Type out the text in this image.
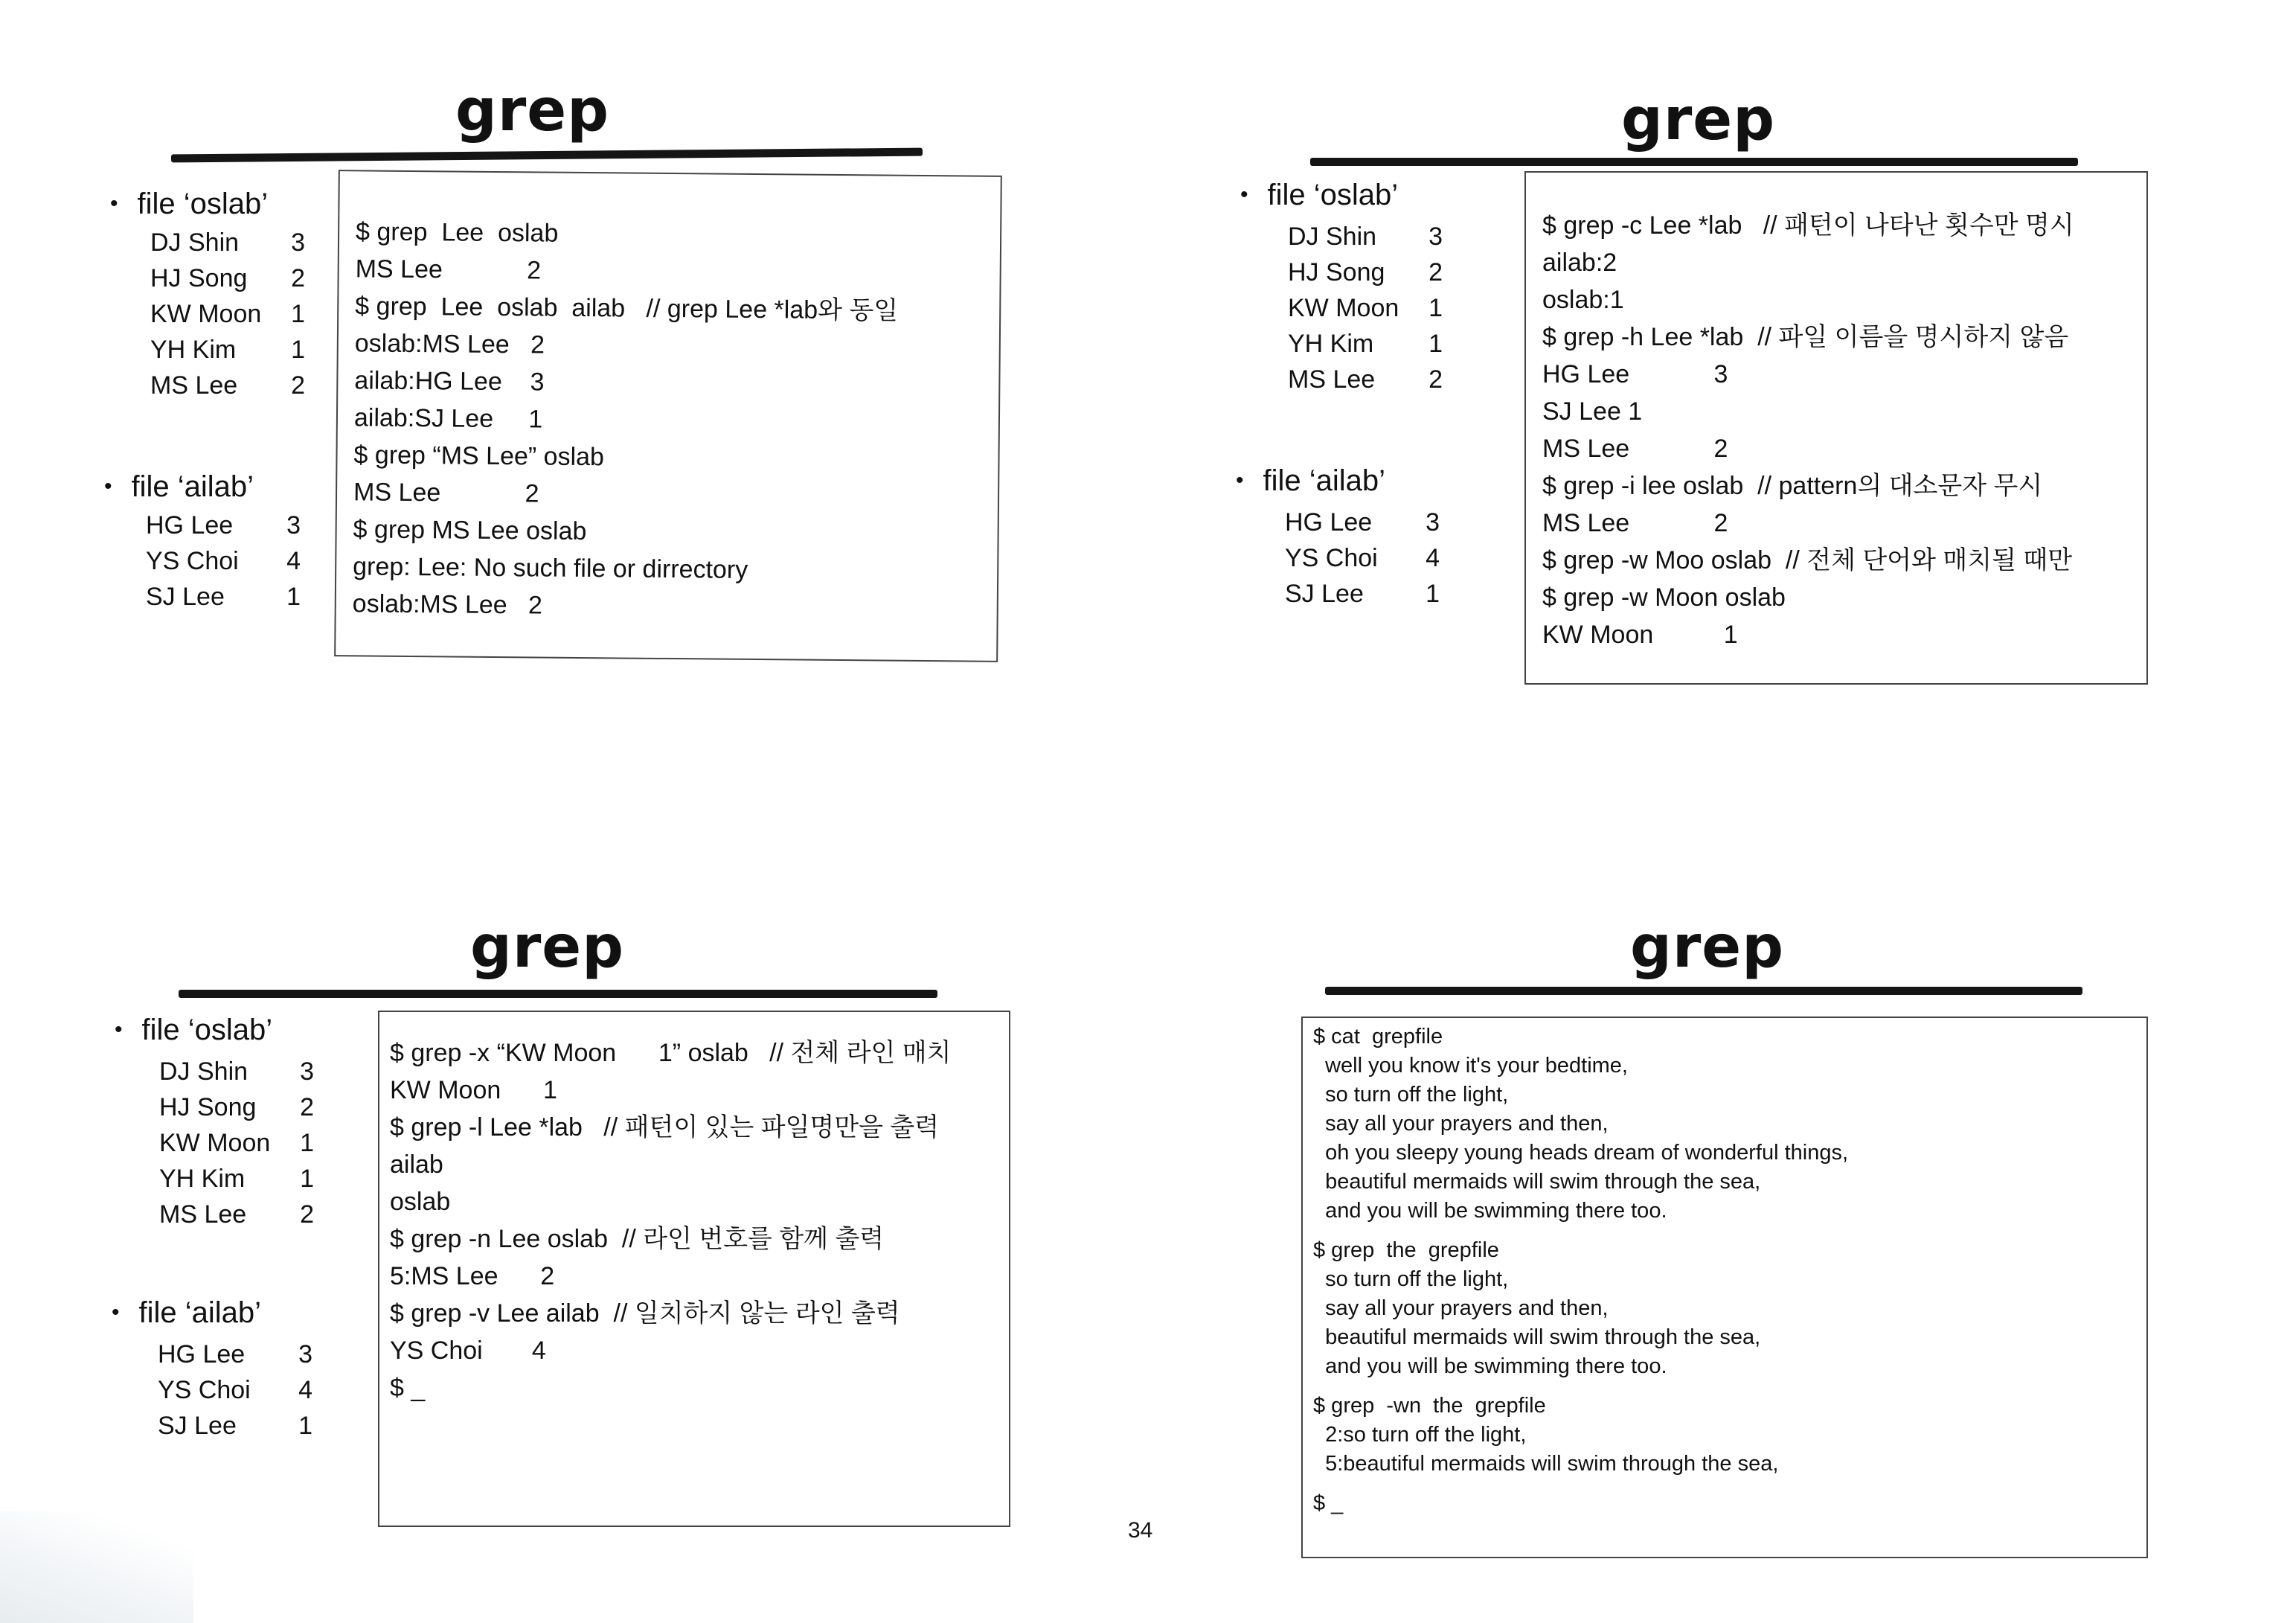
grep

• file ‘oslab’

DJ Shin	3
HJ Song	2
KW Moon	1
YH Kim	1
MS Lee	2

• file ‘ailab’

HG Lee	3
YS Choi	4
SJ Lee	1
$ grep  Lee  oslab
MS Lee            2
$ grep  Lee  oslab  ailab   // grep Lee *lab와 동일
oslab:MS Lee   2
ailab:HG Lee    3
ailab:SJ Lee     1
$ grep “MS Lee” oslab
MS Lee            2
$ grep MS Lee oslab
grep: Lee: No such file or dirrectory
oslab:MS Lee   2
grep

• file ‘oslab’

DJ Shin	3
HJ Song	2
KW Moon	1
YH Kim	1
MS Lee	2

• file ‘ailab’

HG Lee	3
YS Choi	4
SJ Lee	1
$ grep -c Lee *lab   // 패턴이 나타난 횟수만 명시
ailab:2
oslab:1
$ grep -h Lee *lab  // 파일 이름을 명시하지 않음
HG Lee            3
SJ Lee 1
MS Lee            2
$ grep -i lee oslab  // pattern의 대소문자 무시
MS Lee            2
$ grep -w Moo oslab  // 전체 단어와 매치될 때만
$ grep -w Moon oslab
KW Moon          1
grep

• file ‘oslab’

DJ Shin	3
HJ Song	2
KW Moon	1
YH Kim	1
MS Lee	2

• file ‘ailab’

HG Lee	3
YS Choi	4
SJ Lee	1
$ grep -x “KW Moon      1” oslab   // 전체 라인 매치
KW Moon      1
$ grep -l Lee *lab   // 패턴이 있는 파일명만을 출력
ailab
oslab
$ grep -n Lee oslab  // 라인 번호를 함께 출력
5:MS Lee      2
$ grep -v Lee ailab  // 일치하지 않는 라인 출력
YS Choi       4
$ _
grep
$ cat  grepfile
well you know it's your bedtime,
so turn off the light,
say all your prayers and then,
oh you sleepy young heads dream of wonderful things,
beautiful mermaids will swim through the sea,
and you will be swimming there too.
$ grep  the  grepfile
so turn off the light,
say all your prayers and then,
beautiful mermaids will swim through the sea,
and you will be swimming there too.
$ grep  -wn  the  grepfile
2:so turn off the light,
5:beautiful mermaids will swim through the sea,
$ _
34
